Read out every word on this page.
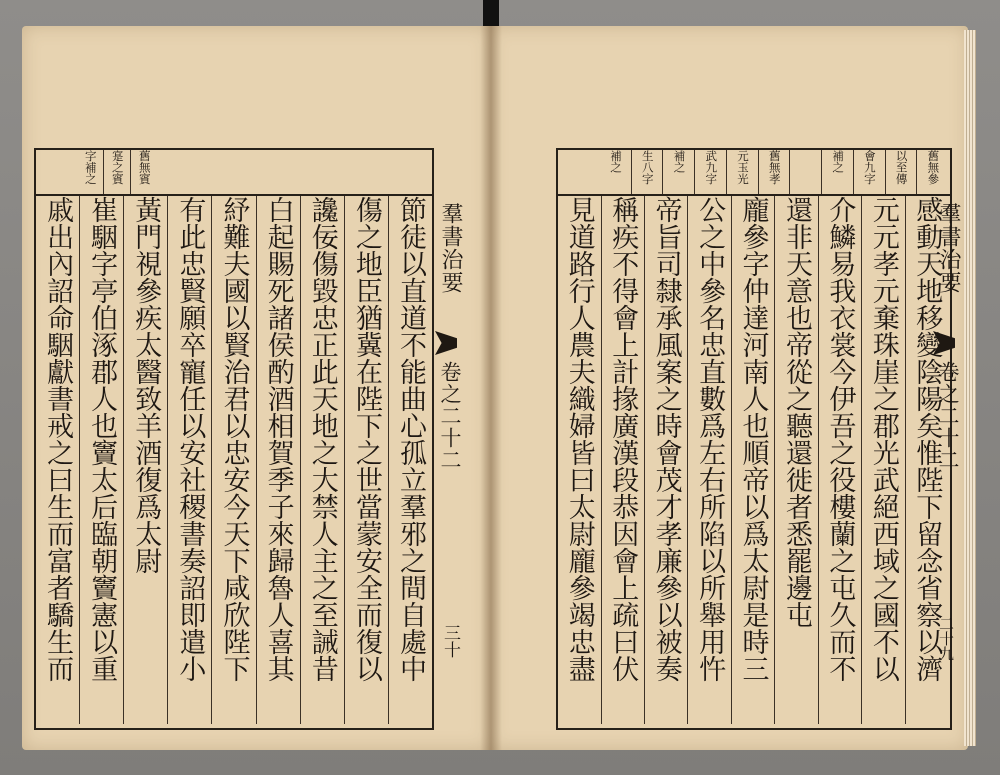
舊無賓
寔之賓
字補之
節徒以直道不能曲心孤立羣邪之間自處中
傷之地臣猶冀在陛下之世當蒙安全而復以
讒佞傷毀忠正此天地之大禁人主之至誡昔
白起賜死諸侯酌酒相賀季子來歸魯人喜其
紓難夫國以賢治君以忠安今天下咸欣陛下
有此忠賢願卒寵任以安社稷書奏詔即遣小
黃門視參疾太醫致羊酒復爲太尉
崔駰字亭伯涿郡人也竇太后臨朝竇憲以重
戚出內詔命駰獻書戒之曰生而富者驕生而	羣書治要
卷之二十二
三十
舊無參
以至傳
會九字
補之
舊無孝
元玉光
武九字
補之
生八字
補之
感動天地移變陰陽矣惟陛下留念省察以濟
元元孝元棄珠崖之郡光武絕西域之國不以
介鱗易我衣裳今伊吾之役樓蘭之屯久而不
還非天意也帝從之聽還徙者悉罷邊屯
龐參字仲達河南人也順帝以爲太尉是時三
公之中參名忠直數爲左右所陷以所舉用忤
帝旨司隸承風案之時會茂才孝廉參以被奏
稱疾不得會上計掾廣漢段恭因會上疏曰伏
見道路行人農夫織婦皆曰太尉龐參竭忠盡	羣書治要
卷之二十二
二十九
